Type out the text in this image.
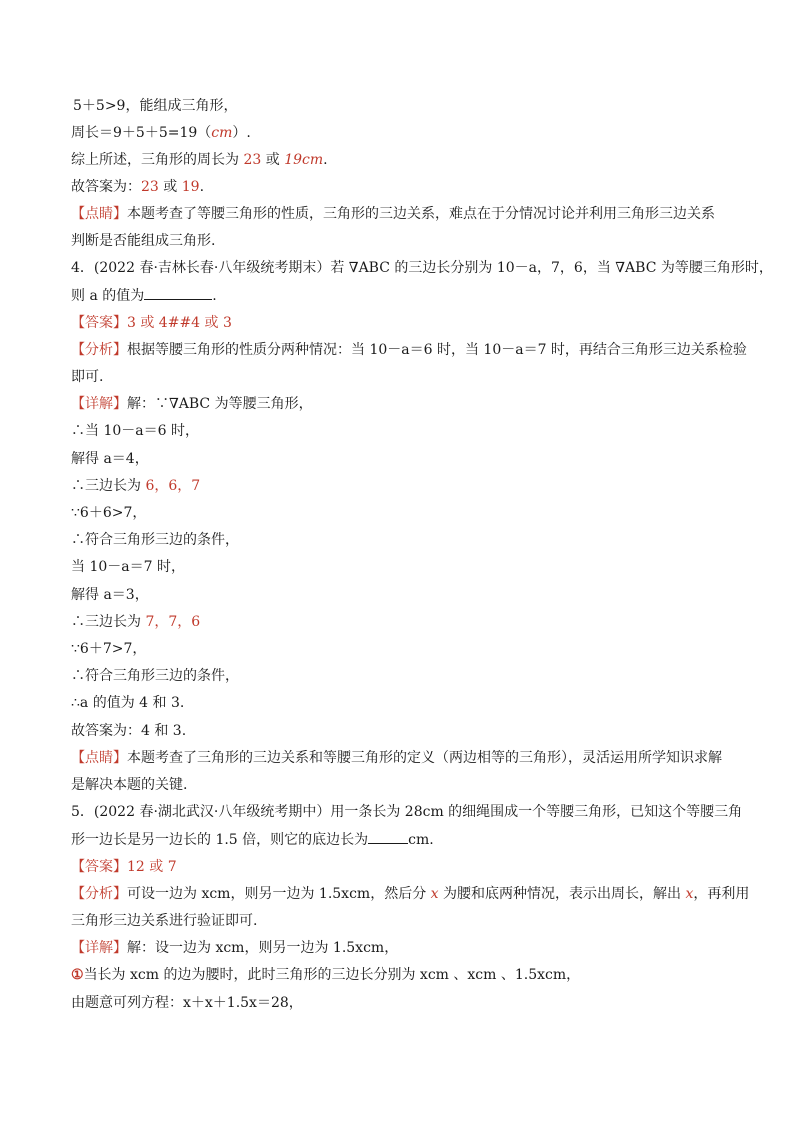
5＋5>9，能组成三角形，
周长＝9＋5＋5=19（cm）.
综上所述，三角形的周长为 23 或 19cm.
故答案为：23 或 19.
【点睛】本题考查了等腰三角形的性质，三角形的三边关系，难点在于分情况讨论并利用三角形三边关系
判断是否能组成三角形.
4．(2022 春·吉林长春·八年级统考期末）若 ∇ABC 的三边长分别为 10－a，7，6，当 ∇ABC 为等腰三角形时，
则 a 的值为	.
【答案】3 或 4##4 或 3
【分析】根据等腰三角形的性质分两种情况：当 10－a＝6 时，当 10－a＝7 时，再结合三角形三边关系检验
即可.
【详解】解：∵∇ABC 为等腰三角形，
∴当 10－a＝6 时，
解得 a＝4，
∴三边长为 6，6，7
∵6＋6>7，
∴符合三角形三边的条件，
当 10－a＝7 时，
解得 a＝3，
∴三边长为 7，7，6
∵6＋7>7，
∴符合三角形三边的条件，
∴a 的值为 4 和 3.
故答案为：4 和 3.
【点睛】本题考查了三角形的三边关系和等腰三角形的定义（两边相等的三角形），灵活运用所学知识求解
是解决本题的关键.
5．(2022 春·湖北武汉·八年级统考期中）用一条长为 28cm 的细绳围成一个等腰三角形，已知这个等腰三角
形一边长是另一边长的 1.5 倍，则它的底边长为	cm.
【答案】12 或 7
【分析】可设一边为 xcm，则另一边为 1.5xcm，然后分 x 为腰和底两种情况，表示出周长，解出 x，再利用
三角形三边关系进行验证即可.
【详解】解：设一边为 xcm，则另一边为 1.5xcm，
①当长为 xcm 的边为腰时，此时三角形的三边长分别为 xcm 、xcm 、1.5xcm，
由题意可列方程：x＋x＋1.5x＝28，
